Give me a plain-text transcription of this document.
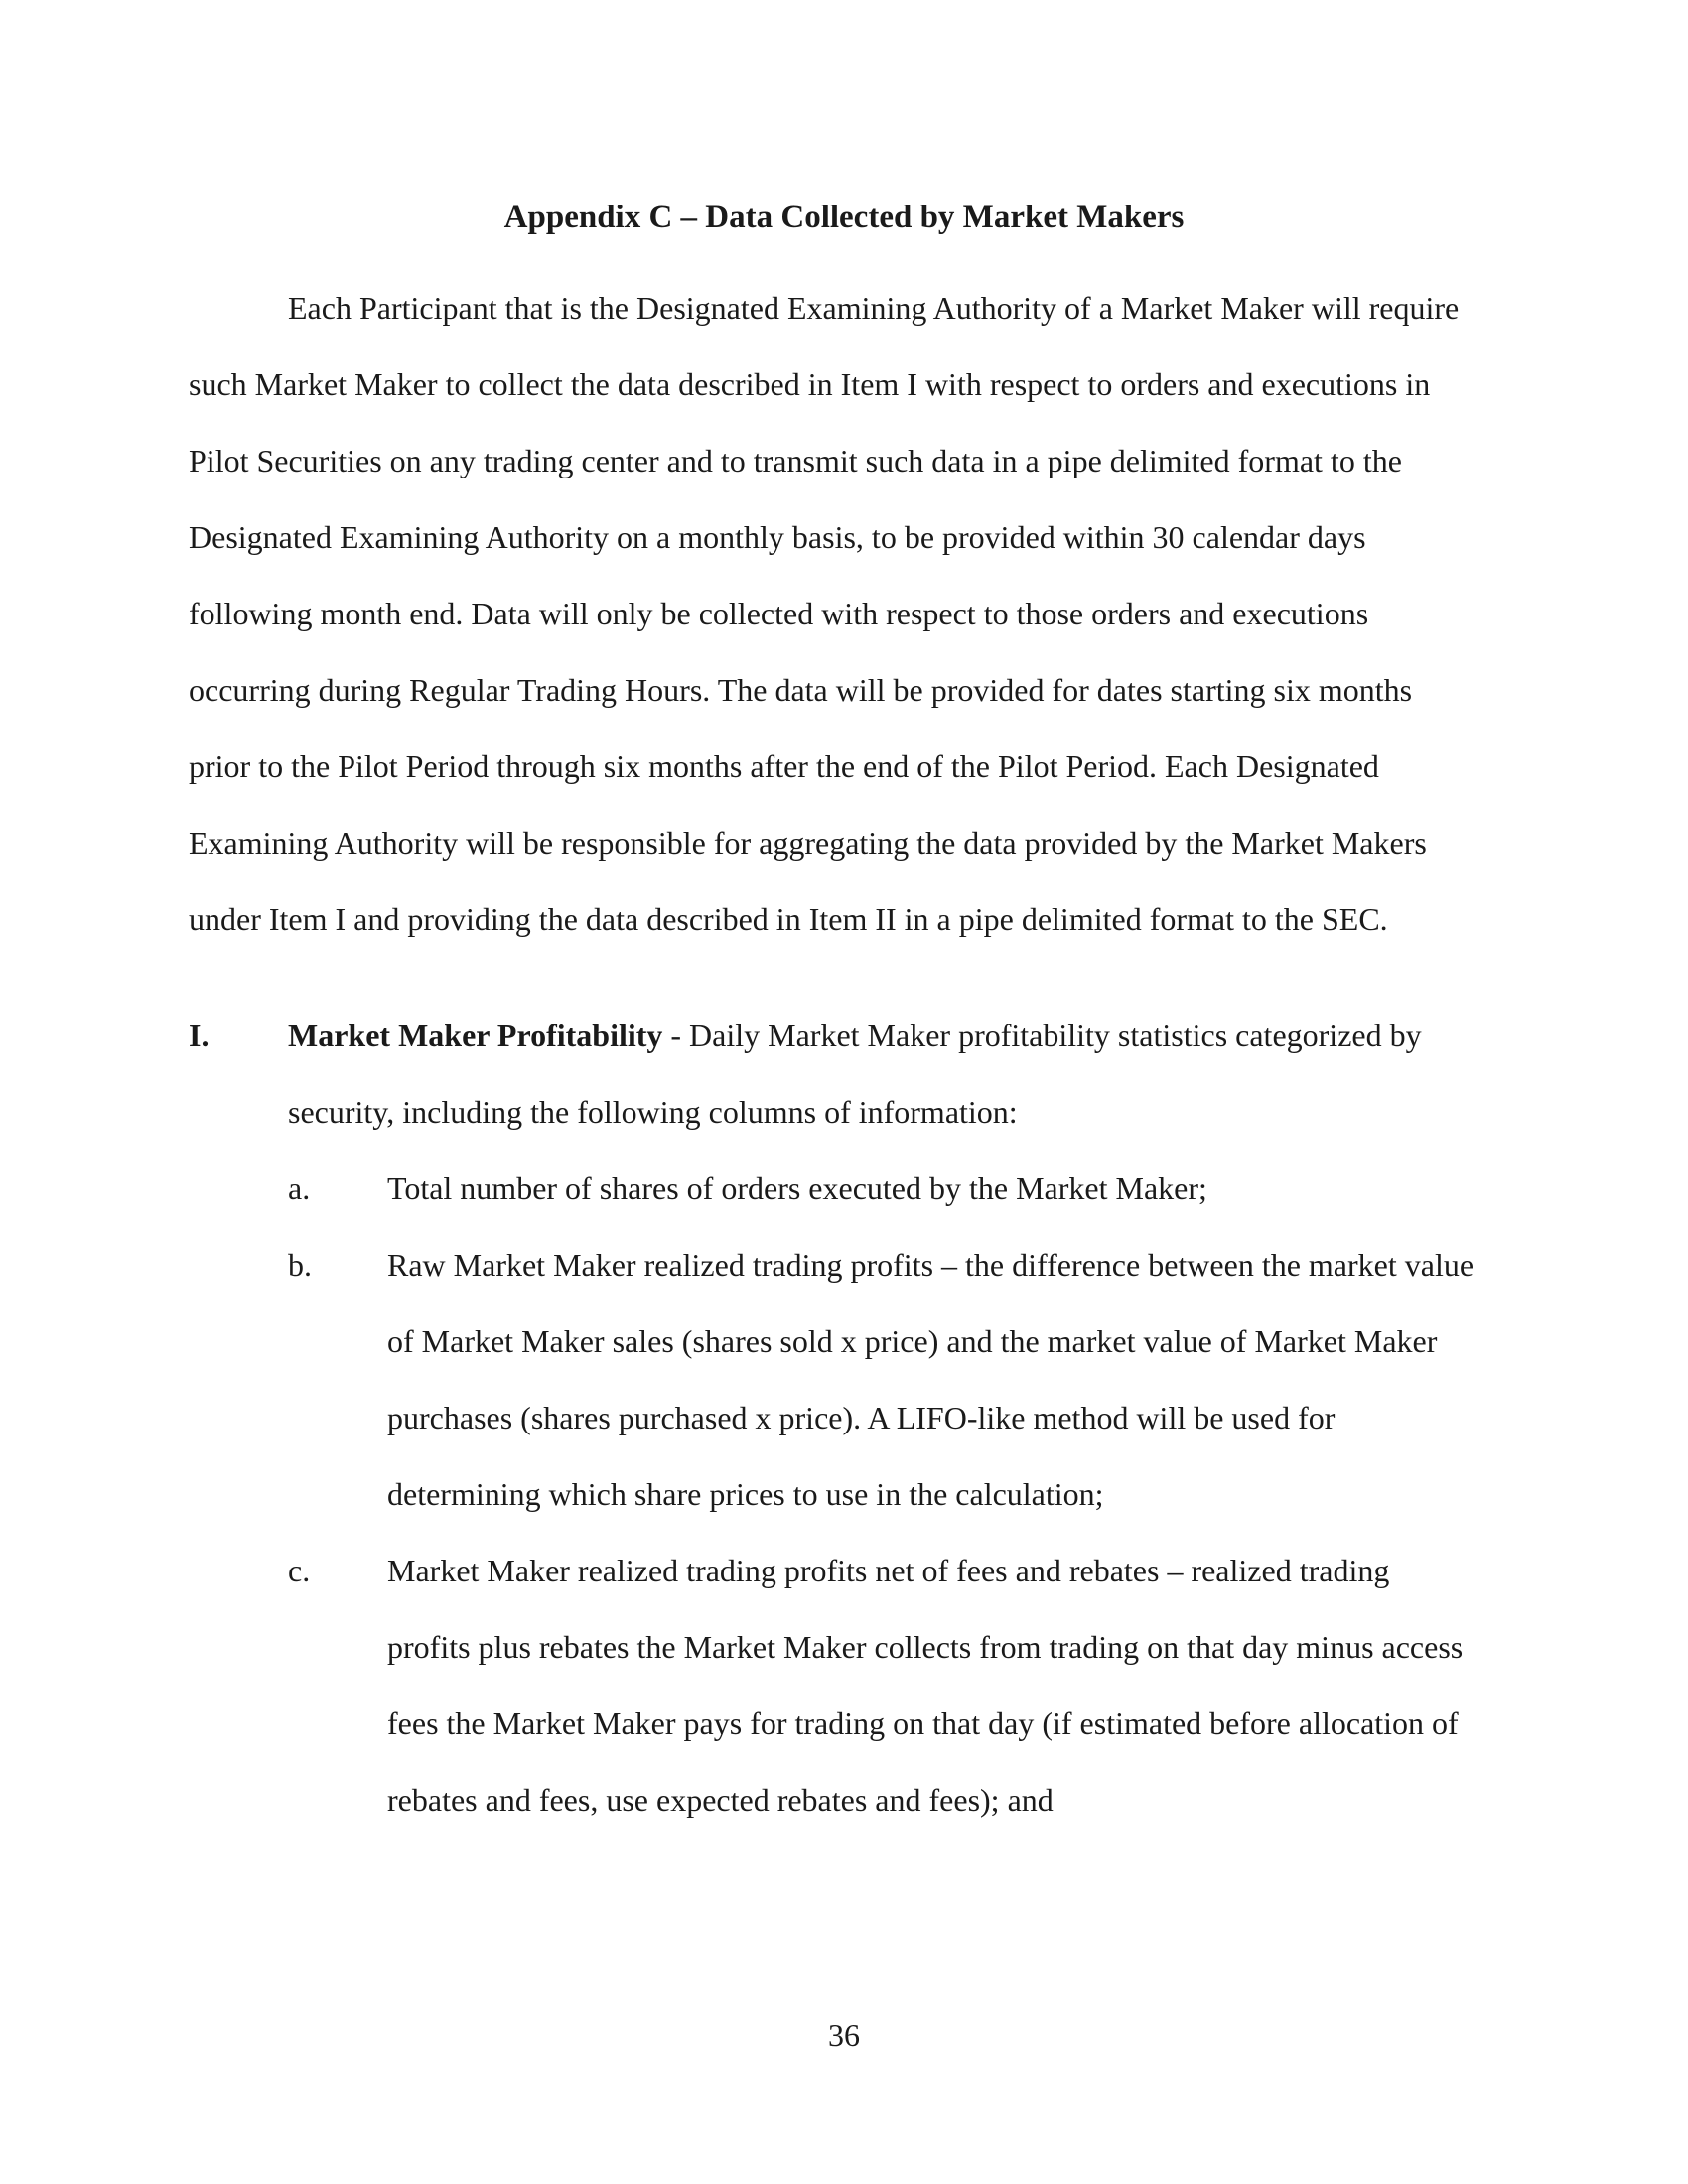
Appendix C – Data Collected by Market Makers

Each Participant that is the Designated Examining Authority of a Market Maker will require such Market Maker to collect the data described in Item I with respect to orders and executions in Pilot Securities on any trading center and to transmit such data in a pipe delimited format to the Designated Examining Authority on a monthly basis, to be provided within 30 calendar days following month end. Data will only be collected with respect to those orders and executions occurring during Regular Trading Hours. The data will be provided for dates starting six months prior to the Pilot Period through six months after the end of the Pilot Period. Each Designated Examining Authority will be responsible for aggregating the data provided by the Market Makers under Item I and providing the data described in Item II in a pipe delimited format to the SEC.

I.	Market Maker Profitability - Daily Market Maker profitability statistics categorized by security, including the following columns of information:

a.	Total number of shares of orders executed by the Market Maker;

b.	Raw Market Maker realized trading profits – the difference between the market value of Market Maker sales (shares sold x price) and the market value of Market Maker purchases (shares purchased x price). A LIFO-like method will be used for determining which share prices to use in the calculation;

c.	Market Maker realized trading profits net of fees and rebates – realized trading profits plus rebates the Market Maker collects from trading on that day minus access fees the Market Maker pays for trading on that day (if estimated before allocation of rebates and fees, use expected rebates and fees); and

36
